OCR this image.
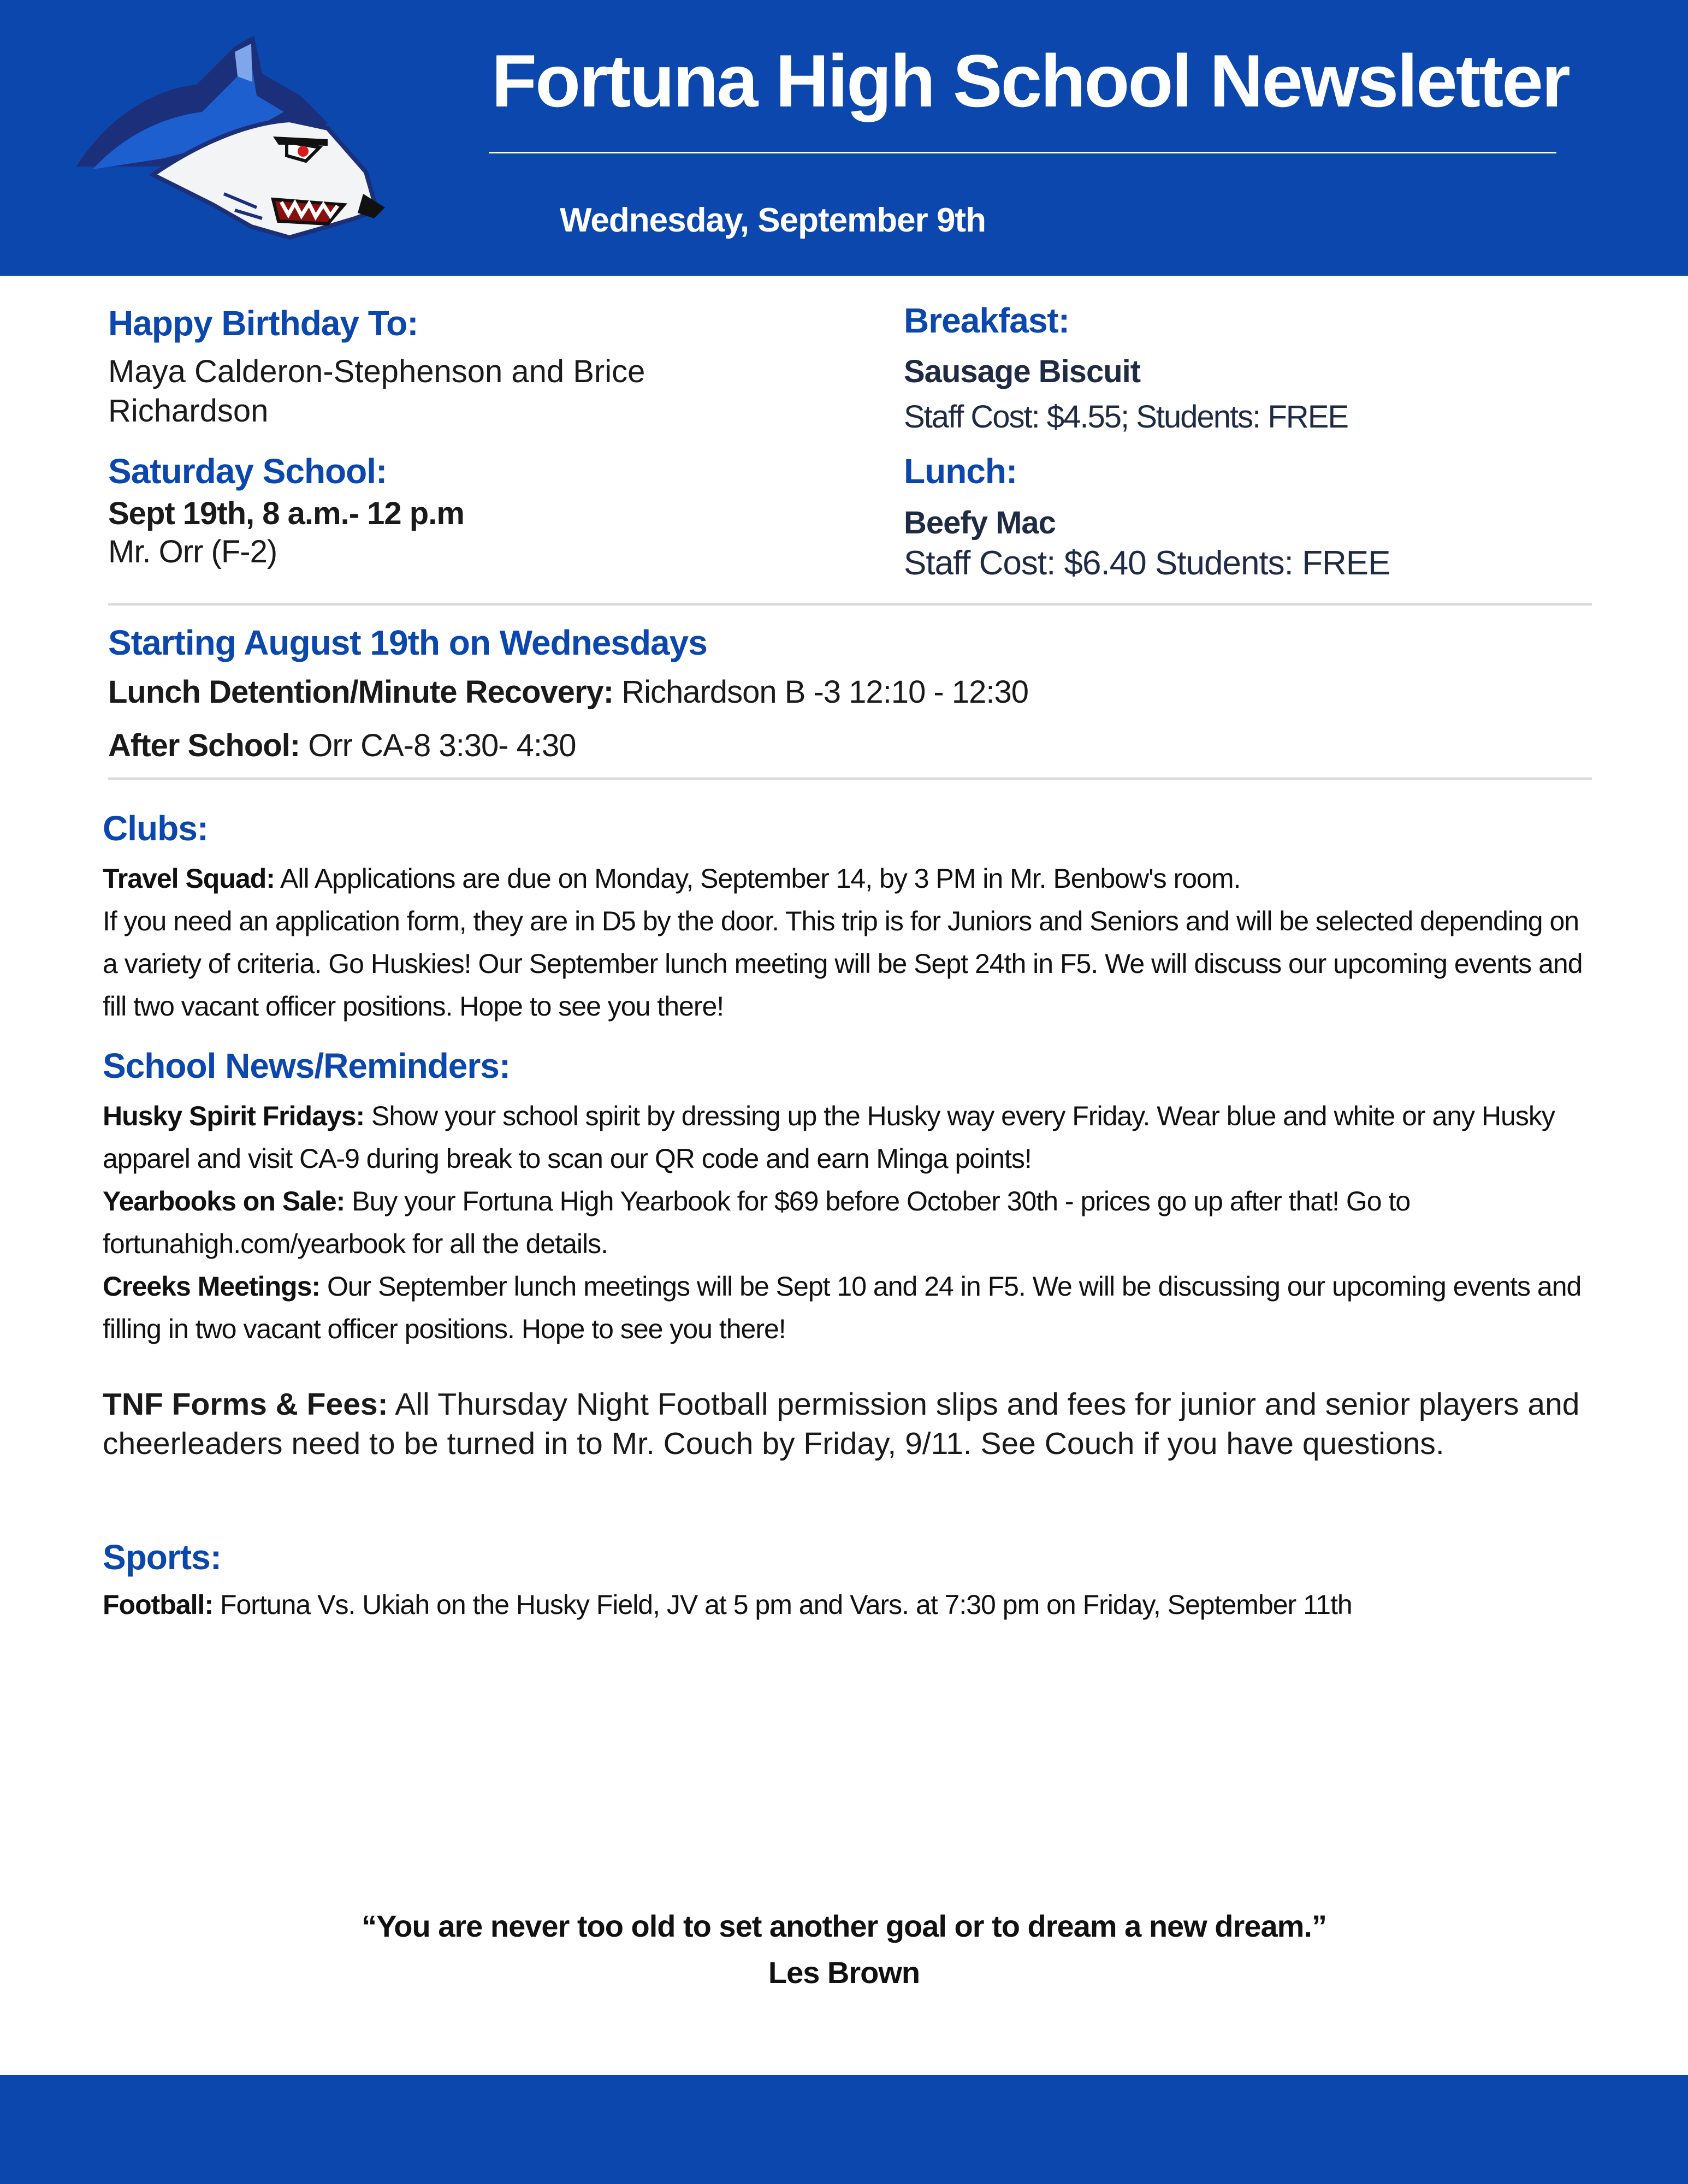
Fortuna High School Newsletter
Wednesday, September 9th
Happy Birthday To:
Maya Calderon-Stephenson and Brice Richardson
Saturday School:
Sept 19th, 8 a.m.- 12 p.m
Mr. Orr (F-2)
Breakfast:
Sausage Biscuit
Staff Cost: $4.55; Students: FREE
Lunch:
Beefy Mac
Staff Cost: $6.40 Students: FREE
Starting August 19th on Wednesdays
Lunch Detention/Minute Recovery: Richardson B -3 12:10 - 12:30
After School: Orr CA-8 3:30- 4:30
Clubs:
Travel Squad: All Applications are due on Monday, September 14, by 3 PM in Mr. Benbow's room.
If you need an application form, they are in D5 by the door. This trip is for Juniors and Seniors and will be selected depending on a variety of criteria. Go Huskies! Our September lunch meeting will be Sept 24th in F5. We will discuss our upcoming events and fill two vacant officer positions. Hope to see you there!
School News/Reminders:
Husky Spirit Fridays: Show your school spirit by dressing up the Husky way every Friday. Wear blue and white or any Husky apparel and visit CA-9 during break to scan our QR code and earn Minga points!
Yearbooks on Sale: Buy your Fortuna High Yearbook for $69 before October 30th - prices go up after that! Go to fortunahigh.com/yearbook for all the details.
Creeks Meetings: Our September lunch meetings will be Sept 10 and 24 in F5. We will be discussing our upcoming events and filling in two vacant officer positions. Hope to see you there!
TNF Forms & Fees: All Thursday Night Football permission slips and fees for junior and senior players and cheerleaders need to be turned in to Mr. Couch by Friday, 9/11. See Couch if you have questions.
Sports:
Football: Fortuna Vs. Ukiah on the Husky Field, JV at 5 pm and Vars. at 7:30 pm on Friday, September 11th
“You are never too old to set another goal or to dream a new dream.”
Les Brown
